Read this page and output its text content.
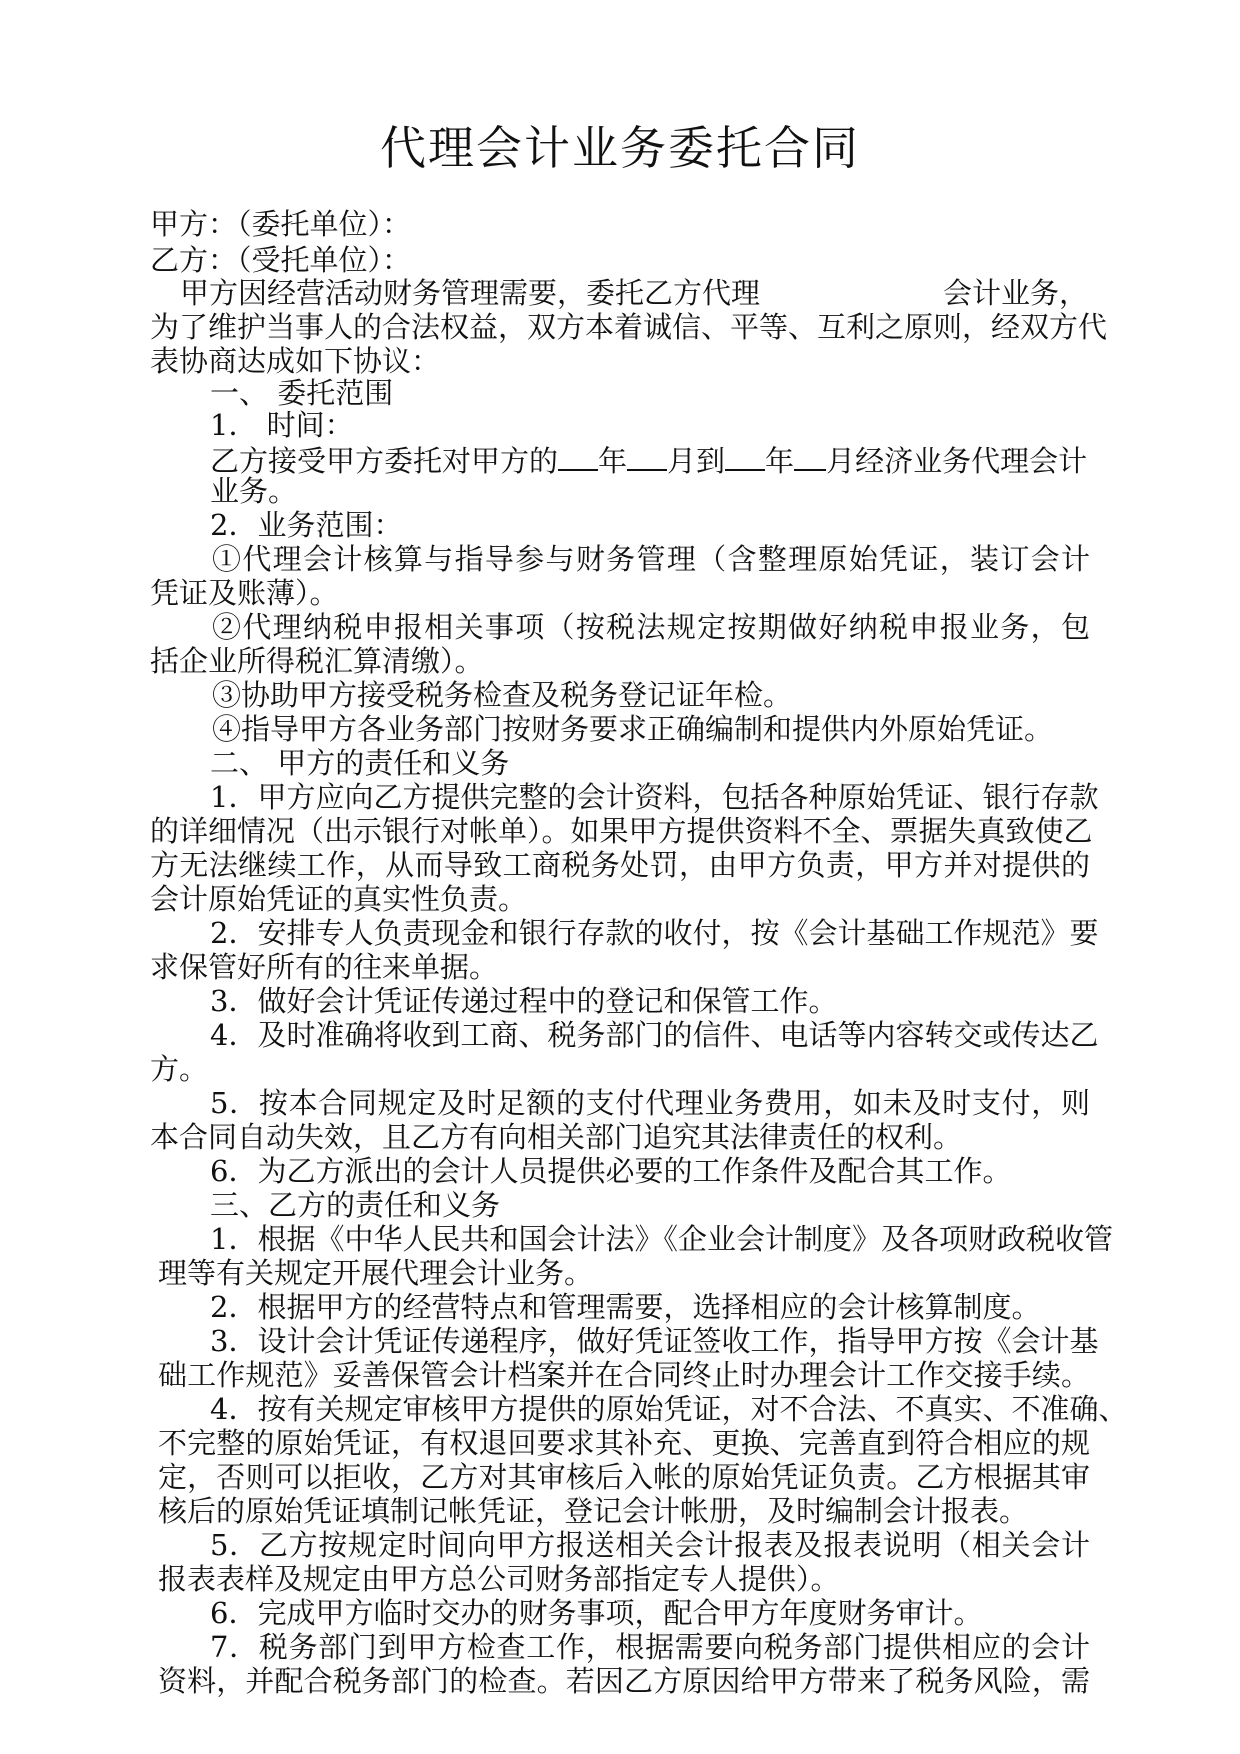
代理会计业务委托合同
甲方：（委托单位）：
乙方：（受托单位）：
甲方因经营活动财务管理需要，委托乙方代理	会计业务，
为了维护当事人的合法权益，双方本着诚信、平等、互利之原则，经双方代
表协商达成如下协议：
一、 委托范围
1． 时间：
乙方接受甲方委托对甲方的 年 月到 年 月经济业务代理会计
业务。
2．业务范围：
①代理会计核算与指导参与财务管理（含整理原始凭证，装订会计
凭证及账薄）。
②代理纳税申报相关事项（按税法规定按期做好纳税申报业务，包
括企业所得税汇算清缴）。
③协助甲方接受税务检查及税务登记证年检。
④指导甲方各业务部门按财务要求正确编制和提供内外原始凭证。
二、 甲方的责任和义务
1．甲方应向乙方提供完整的会计资料，包括各种原始凭证、银行存款
的详细情况（出示银行对帐单）。如果甲方提供资料不全、票据失真致使乙
方无法继续工作，从而导致工商税务处罚，由甲方负责，甲方并对提供的
会计原始凭证的真实性负责。
2．安排专人负责现金和银行存款的收付，按《会计基础工作规范》要
求保管好所有的往来单据。
3．做好会计凭证传递过程中的登记和保管工作。
4．及时准确将收到工商、税务部门的信件、电话等内容转交或传达乙
方。
5．按本合同规定及时足额的支付代理业务费用，如未及时支付，则
本合同自动失效，且乙方有向相关部门追究其法律责任的权利。
6．为乙方派出的会计人员提供必要的工作条件及配合其工作。
三、乙方的责任和义务
1．根据《中华人民共和国会计法》《企业会计制度》及各项财政税收管
理等有关规定开展代理会计业务。
2．根据甲方的经营特点和管理需要，选择相应的会计核算制度。
3．设计会计凭证传递程序，做好凭证签收工作，指导甲方按《会计基
础工作规范》妥善保管会计档案并在合同终止时办理会计工作交接手续。
4．按有关规定审核甲方提供的原始凭证，对不合法、不真实、不准确、
不完整的原始凭证，有权退回要求其补充、更换、完善直到符合相应的规
定，否则可以拒收，乙方对其审核后入帐的原始凭证负责。乙方根据其审
核后的原始凭证填制记帐凭证，登记会计帐册，及时编制会计报表。
5．乙方按规定时间向甲方报送相关会计报表及报表说明（相关会计
报表表样及规定由甲方总公司财务部指定专人提供）。
6．完成甲方临时交办的财务事项，配合甲方年度财务审计。
7．税务部门到甲方检查工作，根据需要向税务部门提供相应的会计
资料，并配合税务部门的检查。若因乙方原因给甲方带来了税务风险，需
